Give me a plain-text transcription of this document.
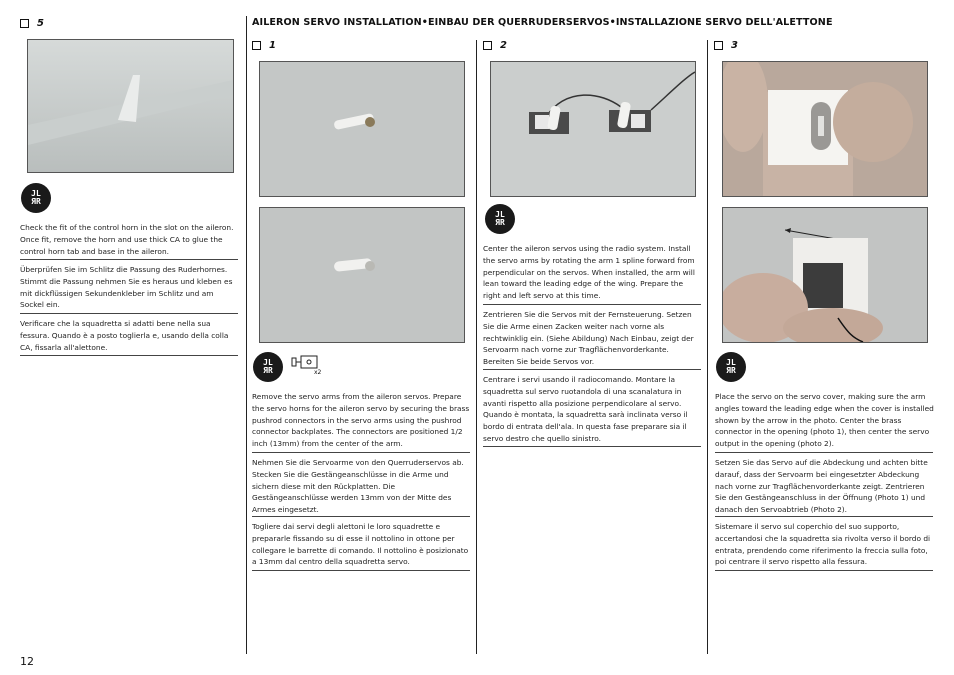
AILERON SERVO INSTALLATION•EINBAU DER QUERRUDERSERVOS•INSTALLAZIONE SERVO DELL'ALETTONE
5
JL
ЯR
Check the fit of the control horn in the slot on the aileron. Once fit, remove the horn and use thick CA to glue the control horn tab and base in the aileron.
Überprüfen Sie im Schlitz die Passung des Ruderhornes. Stimmt die Passung nehmen Sie es heraus und kleben es mit dickflüssigen Sekundenkleber im Schlitz und am Sockel ein.
Verificare che la squadretta si adatti bene nella sua fessura. Quando è a posto toglierla e, usando della colla CA, fissarla all'alettone.
1
JL
ЯR	x2
Remove the servo arms from the aileron servos. Prepare the servo horns for the aileron servo by securing the brass pushrod connectors in the servo arms using the pushrod connector backplates. The connectors are positioned 1/2 inch (13mm) from the center of the arm.
Nehmen Sie die Servoarme von den Querruderservos ab. Stecken Sie die Gestängeanschlüsse in die Arme und sichern diese mit den Rückplatten. Die Gestängeanschlüsse werden 13mm von der Mitte des Armes eingesetzt.
Togliere dai servi degli alettoni le loro squadrette e prepararle fissando su di esse il nottolino in ottone per collegare le barrette di comando. Il nottolino è posizionato a 13mm dal centro della squadretta servo.
2
JL
ЯR
Center the aileron servos using the radio system. Install the servo arms by rotating the arm 1 spline forward from perpendicular on the servos. When installed, the arm will lean toward the leading edge of the wing. Prepare the right and left servo at this time.
Zentrieren Sie die Servos mit der Fernsteuerung. Setzen Sie die Arme einen Zacken weiter nach vorne als rechtwinklig ein. (Siehe Abildung) Nach Einbau, zeigt der Servoarm nach vorne zur Tragflächenvorderkante. Bereiten Sie beide Servos vor.
Centrare i servi usando il radiocomando. Montare la squadretta sul servo ruotandola di una scanalatura in avanti rispetto alla posizione perpendicolare al servo. Quando è montata, la squadretta sarà inclinata verso il bordo di entrata dell'ala. In questa fase preparare sia il servo destro che quello sinistro.
3
JL
ЯR
Place the servo on the servo cover, making sure the arm angles toward the leading edge when the cover is installed shown by the arrow in the photo. Center the brass connector in the opening (photo 1), then center the servo output in the opening (photo 2).
Setzen Sie das Servo auf die Abdeckung und achten bitte darauf, dass der Servoarm bei eingesetzter Abdeckung nach vorne zur Tragflächenvorderkante zeigt. Zentrieren Sie den Gestängeanschluss in der Öffnung (Photo 1) und danach den Servoabtrieb (Photo 2).
Sistemare il servo sul coperchio del suo supporto, accertandosi che la squadretta sia rivolta verso il bordo di entrata, prendendo come riferimento la freccia sulla foto, poi centrare il servo rispetto alla fessura.
12
